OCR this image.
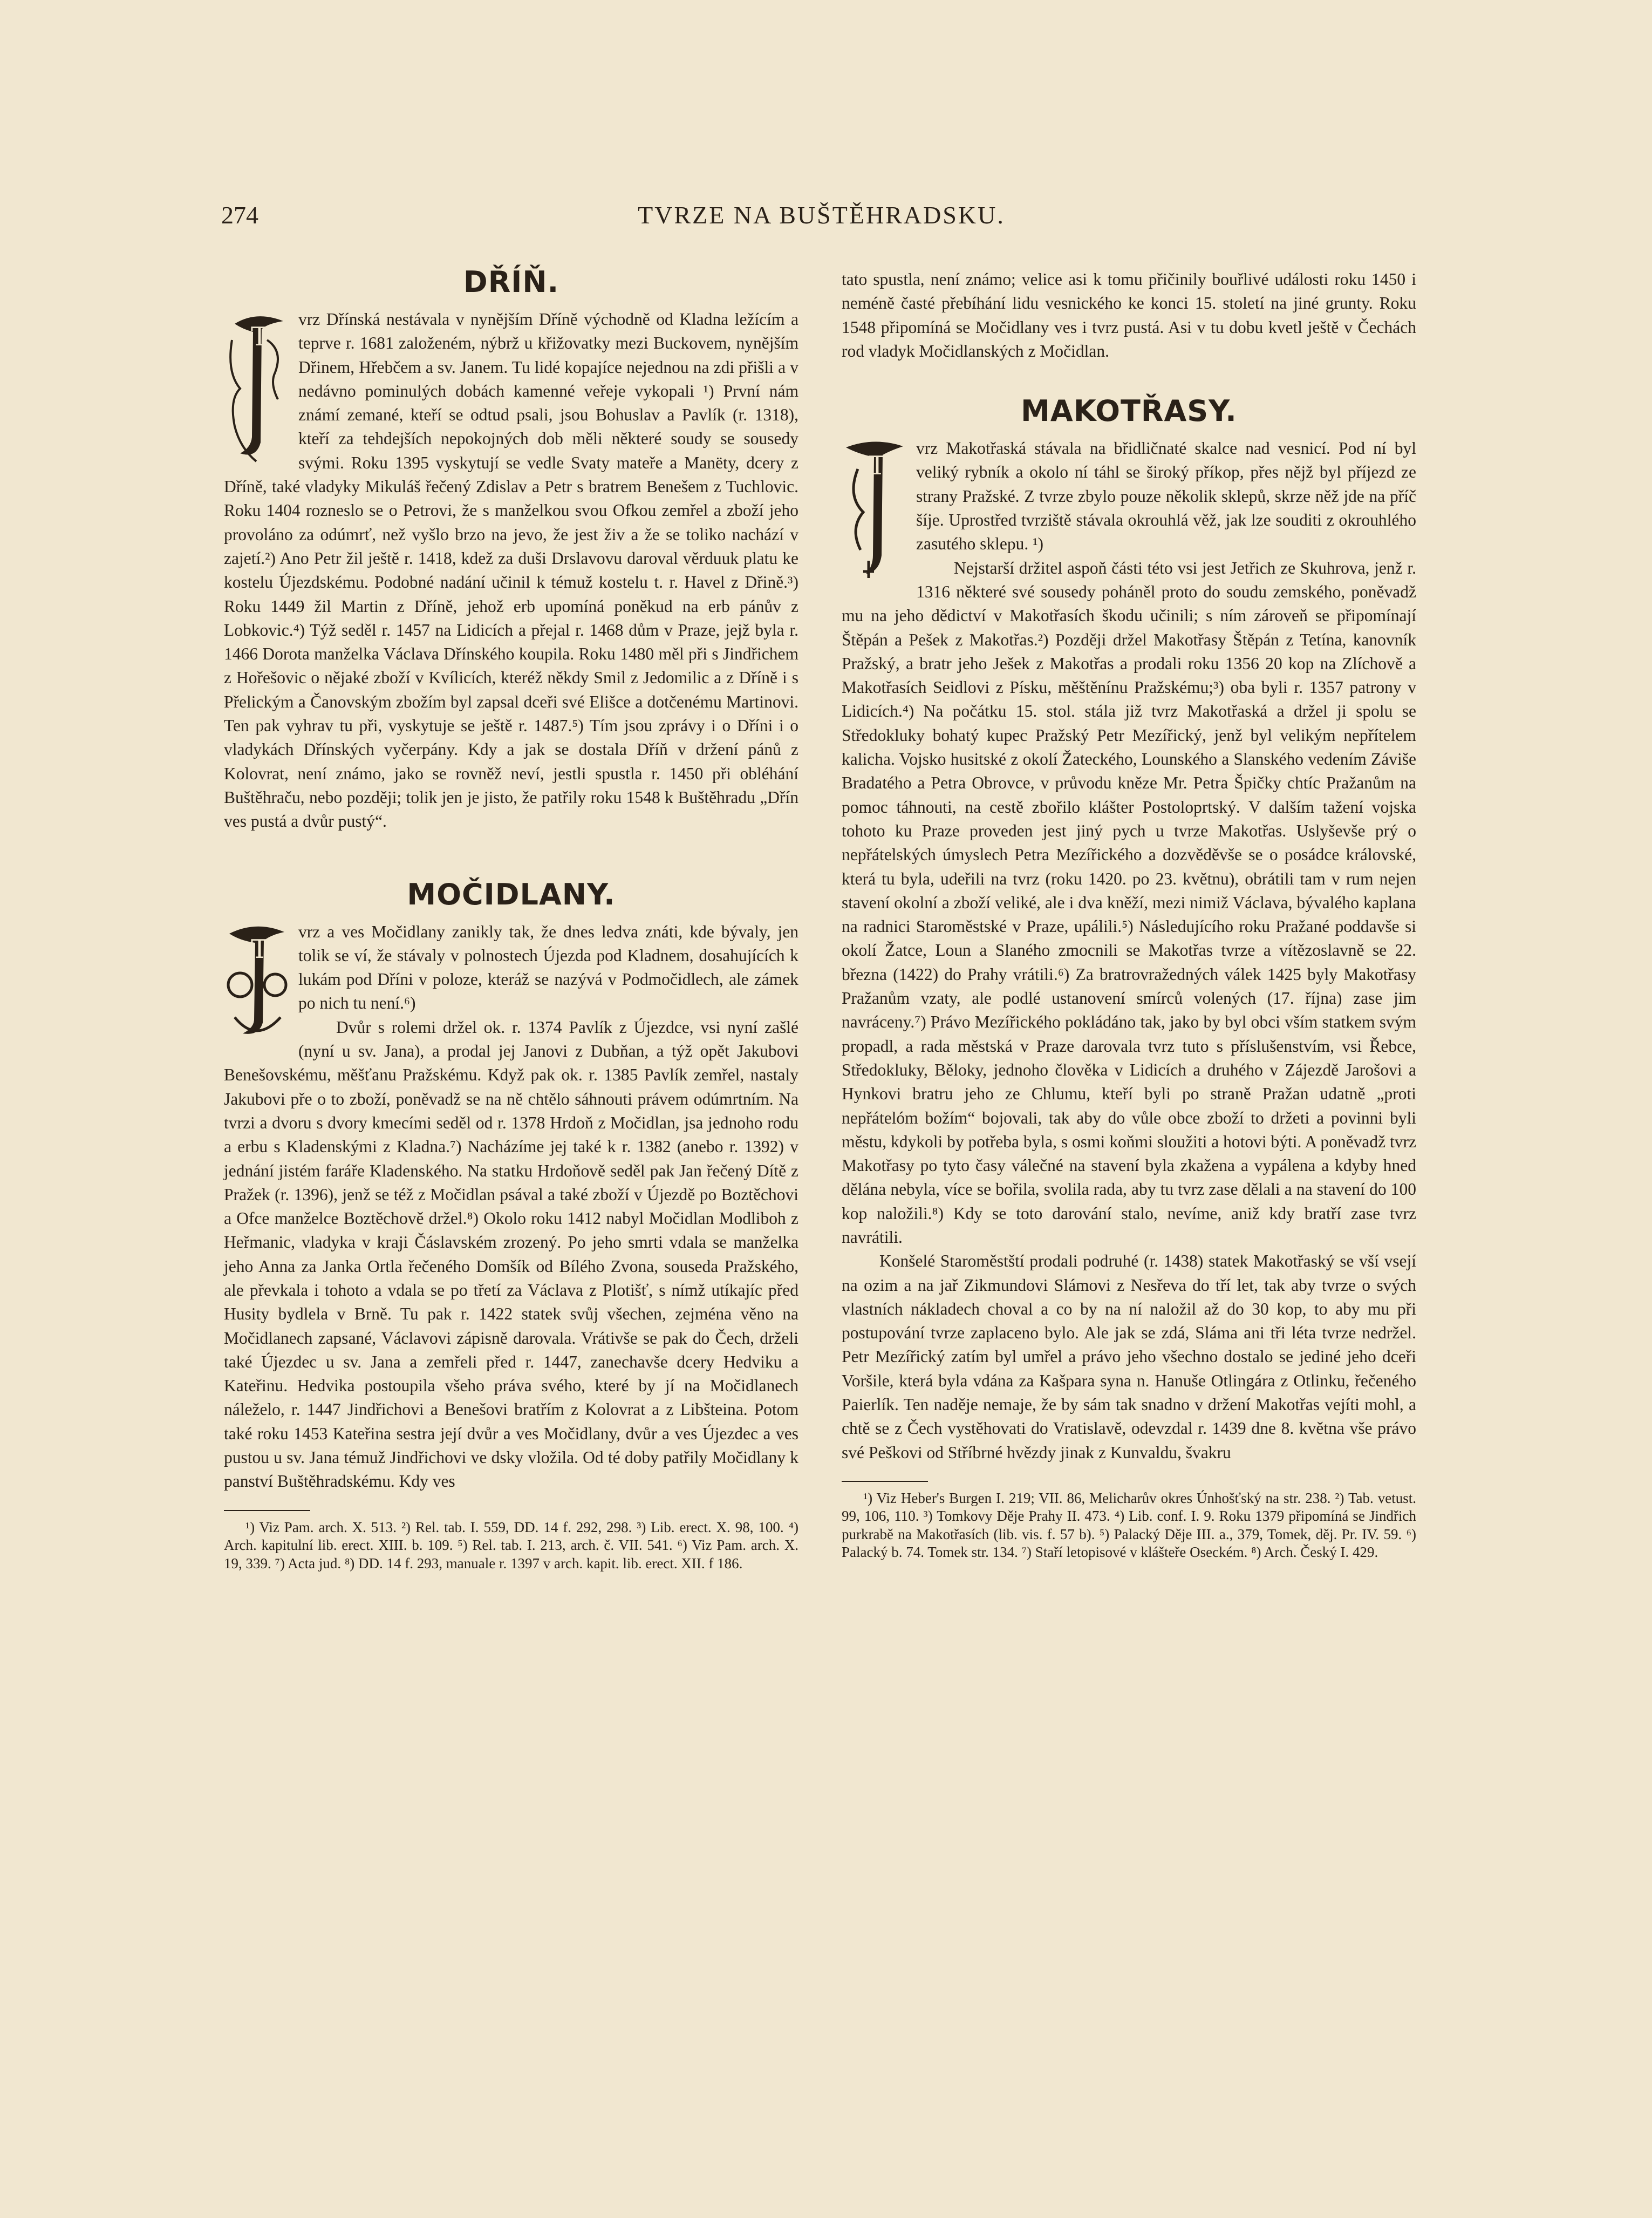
274	TVRZE NA BUŠTĚHRADSKU.
DŘÍŇ.
T

vrz Dřínská nestávala v nynějším Dříně východně od Kladna ležícím a teprve r. 1681 založeném, nýbrž u křižovatky mezi Buckovem, nynějším Dřinem, Hřebčem a sv. Janem. Tu lidé kopajíce nejednou na zdi přišli a v nedávno pominulých dobách kamenné veřeje vykopali ¹) První nám známí zemané, kteří se odtud psali, jsou Bohuslav a Pavlík (r. 1318), kteří za tehdejších nepokojných dob měli některé soudy se sousedy svými. Roku 1395 vyskytují se vedle Svaty mateře a Manëty, dcery z Dříně, také vladyky Mikuláš řečený Zdislav a Petr s bratrem Benešem z Tuchlovic. Roku 1404 rozneslo se o Petrovi, že s manželkou svou Ofkou zemřel a zboží jeho provoláno za odúmrť, než vyšlo brzo na jevo, že jest živ a že se toliko nachází v zajetí.²) Ano Petr žil ještě r. 1418, kdež za duši Drslavovu daroval věrduuk platu ke kostelu Újezdskému. Podobné nadání učinil k témuž kostelu t. r. Havel z Dřině.³) Roku 1449 žil Martin z Dříně, jehož erb upomíná poněkud na erb pánův z Lobkovic.⁴) Týž seděl r. 1457 na Lidicích a přejal r. 1468 dům v Praze, jejž byla r. 1466 Dorota manželka Václava Dřínského koupila. Roku 1480 měl při s Jindřichem z Hořešovic o nějaké zboží v Kvílicích, kteréž někdy Smil z Jedomilic a z Dříně i s Přelickým a Čanovským zbožím byl zapsal dceři své Elišce a dotčenému Martinovi. Ten pak vyhrav tu při, vyskytuje se ještě r. 1487.⁵) Tím jsou zprávy i o Dříni i o vladykách Dřínských vyčerpány. Kdy a jak se dostala Dříň v držení pánů z Kolovrat, není známo, jako se rovněž neví, jestli spustla r. 1450 při obléhání Buštěhraču, nebo později; tolik jen je jisto, že patřily roku 1548 k Buštěhradu „Dřín ves pustá a dvůr pustý“.

MOČIDLANY.
T

vrz a ves Močidlany zanikly tak, že dnes ledva znáti, kde bývaly, jen tolik se ví, že stávaly v polnostech Újezda pod Kladnem, dosahujících k lukám pod Dříni v poloze, kteráž se nazývá v Podmočidlech, ale zámek po nich tu není.⁶)

Dvůr s rolemi držel ok. r. 1374 Pavlík z Újezdce, vsi nyní zašlé (nyní u sv. Jana), a prodal jej Janovi z Dubňan, a týž opět Jakubovi Benešovskému, měšťanu Pražskému. Když pak ok. r. 1385 Pavlík zemřel, nastaly Jakubovi pře o to zboží, poněvadž se na ně chtělo sáhnouti právem odúmrtním. Na tvrzi a dvoru s dvory kmecími seděl od r. 1378 Hrdoň z Močidlan, jsa jednoho rodu a erbu s Kladenskými z Kladna.⁷) Nacházíme jej také k r. 1382 (anebo r. 1392) v jednání jistém faráře Kladenského. Na statku Hrdoňově seděl pak Jan řečený Dítě z Pražek (r. 1396), jenž se též z Močidlan psával a také zboží v Újezdě po Boztěchovi a Ofce manželce Boztěchově držel.⁸) Okolo roku 1412 nabyl Močidlan Modliboh z Heřmanic, vladyka v kraji Čáslavském zrozený. Po jeho smrti vdala se manželka jeho Anna za Janka Ortla řečeného Domšík od Bílého Zvona, souseda Pražského, ale převkala i tohoto a vdala se po třetí za Václava z Plotišť, s nímž utíkajíc před Husity bydlela v Brně. Tu pak r. 1422 statek svůj všechen, zejména věno na Močidlanech zapsané, Václavovi zápisně darovala. Vrátivše se pak do Čech, drželi také Újezdec u sv. Jana a zemřeli před r. 1447, zanechavše dcery Hedviku a Kateřinu. Hedvika postoupila všeho práva svého, které by jí na Močidlanech náleželo, r. 1447 Jindřichovi a Benešovi bratřím z Kolovrat a z Libšteina. Potom také roku 1453 Kateřina sestra její dvůr a ves Močidlany, dvůr a ves Újezdec a ves pustou u sv. Jana témuž Jindřichovi ve dsky vložila. Od té doby patřily Močidlany k panství Buštěhradskému. Kdy ves

¹) Viz Pam. arch. X. 513. ²) Rel. tab. I. 559, DD. 14 f. 292, 298. ³) Lib. erect. X. 98, 100. ⁴) Arch. kapitulní lib. erect. XIII. b. 109. ⁵) Rel. tab. I. 213, arch. č. VII. 541. ⁶) Viz Pam. arch. X. 19, 339. ⁷) Acta jud. ⁸) DD. 14 f. 293, manuale r. 1397 v arch. kapit. lib. erect. XII. f 186.

tato spustla, není známo; velice asi k tomu přičinily bouřlivé události roku 1450 i neméně časté přebíhání lidu vesnického ke konci 15. století na jiné grunty. Roku 1548 připomíná se Močidlany ves i tvrz pustá. Asi v tu dobu kvetl ještě v Čechách rod vladyk Močidlanských z Močidlan.

MAKOTŘASY.
T

vrz Makotřaská stávala na břidličnaté skalce nad vesnicí. Pod ní byl veliký rybník a okolo ní táhl se široký příkop, přes nějž byl příjezd ze strany Pražské. Z tvrze zbylo pouze několik sklepů, skrze něž jde na příč šíje. Uprostřed tvrziště stávala okrouhlá věž, jak lze souditi z okrouhlého zasutého sklepu. ¹)

Nejstarší držitel aspoň části této vsi jest Jetřich ze Skuhrova, jenž r. 1316 některé své sousedy poháněl proto do soudu zemského, poněvadž mu na jeho dědictví v Makotřasích škodu učinili; s ním zároveň se připomínají Štěpán a Pešek z Makotřas.²) Později držel Makotřasy Štěpán z Tetína, kanovník Pražský, a bratr jeho Ješek z Makotřas a prodali roku 1356 20 kop na Zlíchově a Makotřasích Seidlovi z Písku, měštěnínu Pražskému;³) oba byli r. 1357 patrony v Lidicích.⁴) Na počátku 15. stol. stála již tvrz Makotřaská a držel ji spolu se Středokluky bohatý kupec Pražský Petr Mezířický, jenž byl velikým nepřítelem kalicha. Vojsko husitské z okolí Žateckého, Lounského a Slanského vedením Záviše Bradatého a Petra Obrovce, v průvodu kněze Mr. Petra Špičky chtíc Pražanům na pomoc táhnouti, na cestě zbořilo klášter Postoloprtský. V dalším tažení vojska tohoto ku Praze proveden jest jiný pych u tvrze Makotřas. Uslyševše prý o nepřátelských úmyslech Petra Mezířického a dozvěděvše se o posádce královské, která tu byla, udeřili na tvrz (roku 1420. po 23. květnu), obrátili tam v rum nejen stavení okolní a zboží veliké, ale i dva kněží, mezi nimiž Václava, bývalého kaplana na radnici Staroměstské v Praze, upálili.⁵) Následujícího roku Pražané poddavše si okolí Žatce, Loun a Slaného zmocnili se Makotřas tvrze a vítězoslavně se 22. března (1422) do Prahy vrátili.⁶) Za bratrovražedných válek 1425 byly Makotřasy Pražanům vzaty, ale podlé ustanovení smírců volených (17. října) zase jim navráceny.⁷) Právo Mezířického pokládáno tak, jako by byl obci vším statkem svým propadl, a rada městská v Praze darovala tvrz tuto s příslušenstvím, vsi Řebce, Středokluky, Běloky, jednoho člověka v Lidicích a druhého v Zájezdě Jarošovi a Hynkovi bratru jeho ze Chlumu, kteří byli po straně Pražan udatně „proti nepřátelóm božím“ bojovali, tak aby do vůle obce zboží to držeti a povinni byli městu, kdykoli by potřeba byla, s osmi koňmi sloužiti a hotovi býti. A poněvadž tvrz Makotřasy po tyto časy válečné na stavení byla zkažena a vypálena a kdyby hned dělána nebyla, více se bořila, svolila rada, aby tu tvrz zase dělali a na stavení do 100 kop naložili.⁸) Kdy se toto darování stalo, nevíme, aniž kdy bratří zase tvrz navrátili.

Konšelé Staroměstští prodali podruhé (r. 1438) statek Makotřaský se vší vsejí na ozim a na jař Zikmundovi Slámovi z Nesřeva do tří let, tak aby tvrze o svých vlastních nákladech choval a co by na ní naložil až do 30 kop, to aby mu při postupování tvrze zaplaceno bylo. Ale jak se zdá, Sláma ani tři léta tvrze nedržel. Petr Mezířický zatím byl umřel a právo jeho všechno dostalo se jediné jeho dceři Voršile, která byla vdána za Kašpara syna n. Hanuše Otlingára z Otlinku, řečeného Paierlík. Ten naděje nemaje, že by sám tak snadno v držení Makotřas vejíti mohl, a chtě se z Čech vystěhovati do Vratislavě, odevzdal r. 1439 dne 8. května vše právo své Peškovi od Stříbrné hvězdy jinak z Kunvaldu, švakru

¹) Viz Heber's Burgen I. 219; VII. 86, Melicharův okres Únhošťský na str. 238. ²) Tab. vetust. 99, 106, 110. ³) Tomkovy Děje Prahy II. 473. ⁴) Lib. conf. I. 9. Roku 1379 připomíná se Jindřich purkrabě na Makotřasích (lib. vis. f. 57 b). ⁵) Palacký Děje III. a., 379, Tomek, děj. Pr. IV. 59. ⁶) Palacký b. 74. Tomek str. 134. ⁷) Staří letopisové v klášteře Oseckém. ⁸) Arch. Český I. 429.
